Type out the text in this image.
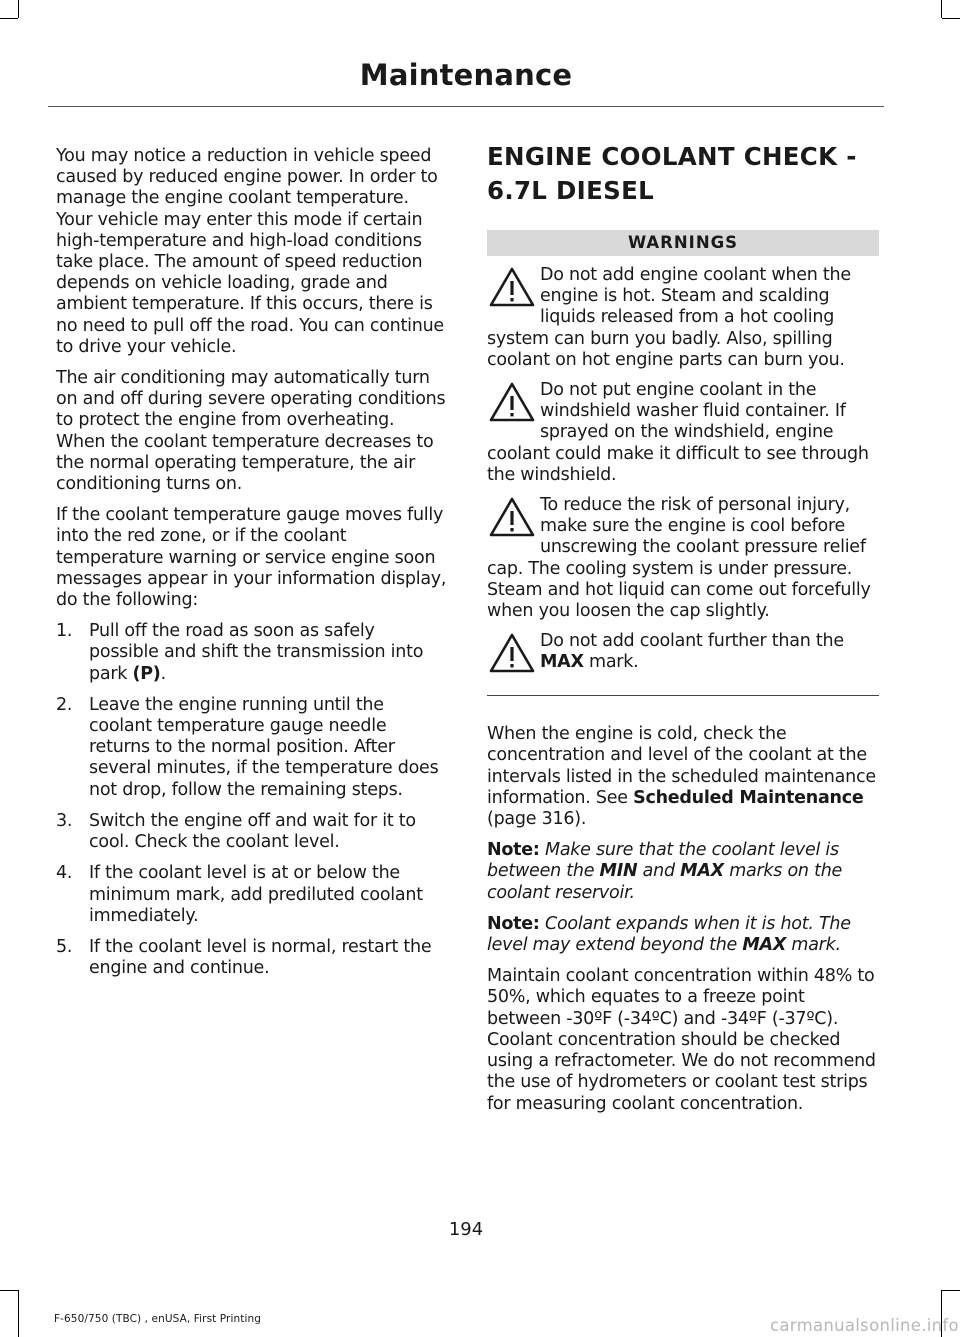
Maintenance

You may notice a reduction in vehicle speed caused by reduced engine power. In order to manage the engine coolant temperature. Your vehicle may enter this mode if certain high-temperature and high-load conditions take place. The amount of speed reduction depends on vehicle loading, grade and ambient temperature. If this occurs, there is no need to pull off the road. You can continue to drive your vehicle.

The air conditioning may automatically turn on and off during severe operating conditions to protect the engine from overheating. When the coolant temperature decreases to the normal operating temperature, the air conditioning turns on.

If the coolant temperature gauge moves fully into the red zone, or if the coolant temperature warning or service engine soon messages appear in your information display, do the following:

1. Pull off the road as soon as safely possible and shift the transmission into park (P).
2. Leave the engine running until the coolant temperature gauge needle returns to the normal position. After several minutes, if the temperature does not drop, follow the remaining steps.
3. Switch the engine off and wait for it to cool. Check the coolant level.
4. If the coolant level is at or below the minimum mark, add prediluted coolant immediately.
5. If the coolant level is normal, restart the engine and continue.
ENGINE COOLANT CHECK -
6.7L DIESEL
WARNINGS
Do not add engine coolant when the engine is hot. Steam and scalding liquids released from a hot cooling system can burn you badly. Also, spilling coolant on hot engine parts can burn you.
Do not put engine coolant in the windshield washer fluid container. If sprayed on the windshield, engine coolant could make it difficult to see through the windshield.
To reduce the risk of personal injury, make sure the engine is cool before unscrewing the coolant pressure relief cap. The cooling system is under pressure. Steam and hot liquid can come out forcefully when you loosen the cap slightly.
Do not add coolant further than the MAX mark.

When the engine is cold, check the concentration and level of the coolant at the intervals listed in the scheduled maintenance information. See Scheduled Maintenance (page 316).

Note: Make sure that the coolant level is between the MIN and MAX marks on the coolant reservoir.

Note: Coolant expands when it is hot. The level may extend beyond the MAX mark.

Maintain coolant concentration within 48% to 50%, which equates to a freeze point between -30ºF (-34ºC) and -34ºF (-37ºC). Coolant concentration should be checked using a refractometer. We do not recommend the use of hydrometers or coolant test strips for measuring coolant concentration.

194
F-650/750 (TBC) , enUSA, First Printing	carmanualsonline.info
